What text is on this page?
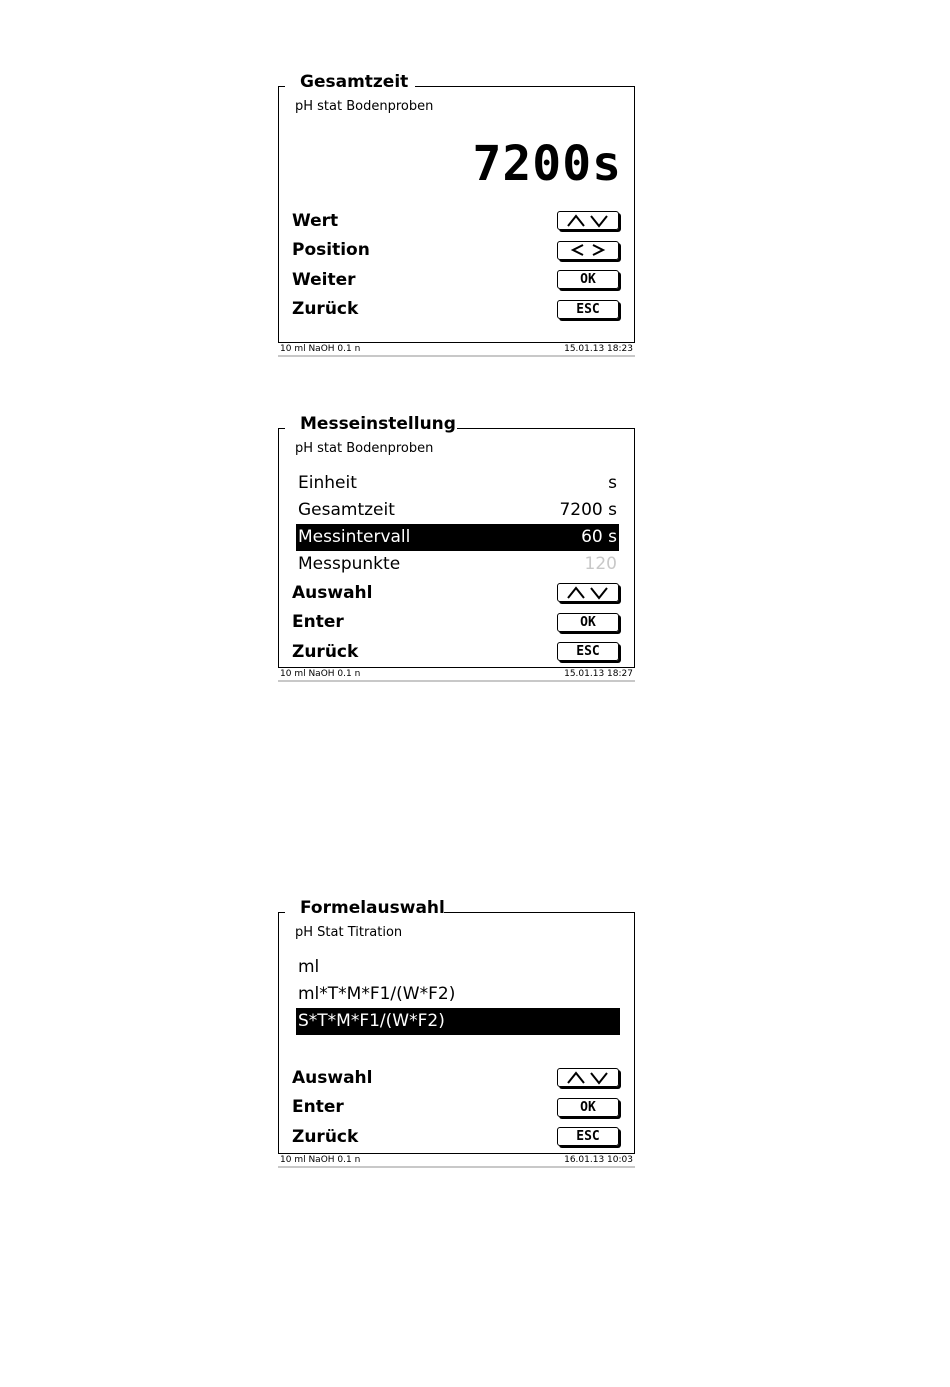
Gesamtzeit
pH stat Bodenproben
7200s
Wert
Position
Weiter	OK
Zurück	ESC
10 ml NaOH 0.1 n	15.01.13 18:23
Messeinstellung
pH stat Bodenproben
Einheit	s
Gesamtzeit	7200 s
Messintervall	60 s
Messpunkte	120
Auswahl
Enter	OK
Zurück	ESC
10 ml NaOH 0.1 n	15.01.13 18:27
Formelauswahl
pH Stat Titration
ml
ml*T*M*F1/(W*F2)
S*T*M*F1/(W*F2)
Auswahl
Enter	OK
Zurück	ESC
10 ml NaOH 0.1 n	16.01.13 10:03
